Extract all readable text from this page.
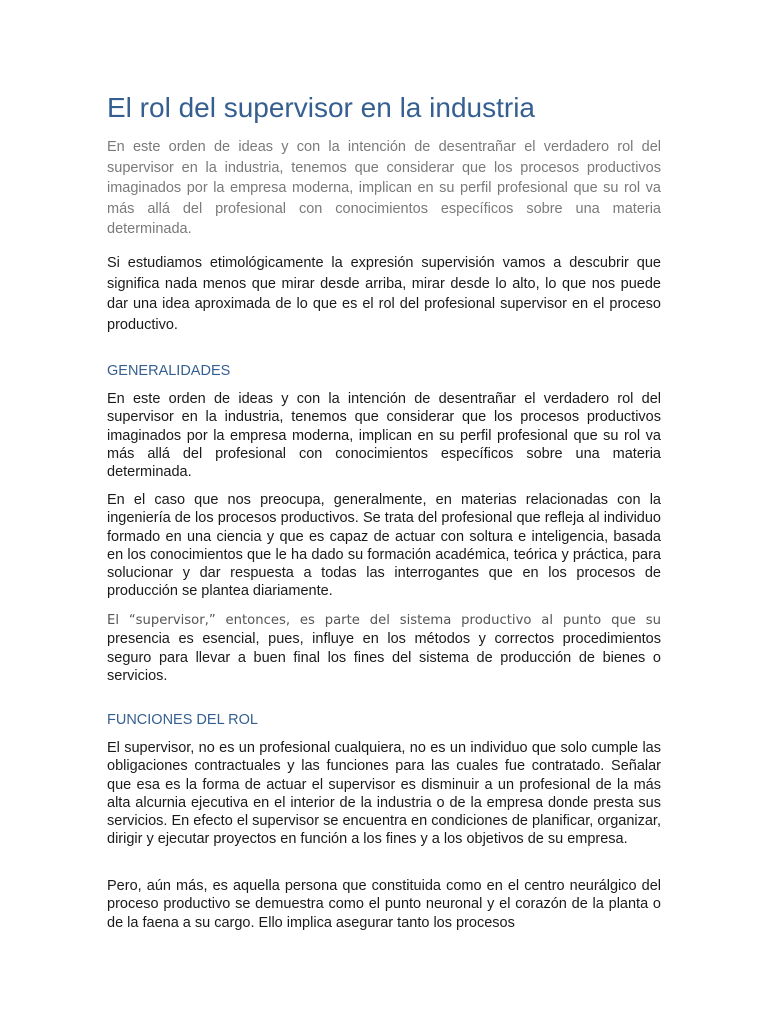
El rol del supervisor en la industria

En este orden de ideas y con la intención de desentrañar el verdadero rol del supervisor en la industria, tenemos que considerar que los procesos productivos imaginados por la empresa moderna, implican en su perfil profesional que su rol va más allá del profesional con conocimientos específicos sobre una materia determinada.

Si estudiamos etimológicamente la expresión supervisión vamos a descubrir que significa nada menos que mirar desde arriba, mirar desde lo alto, lo que nos puede dar una idea aproximada de lo que es el rol del profesional supervisor en el proceso productivo.

GENERALIDADES

En este orden de ideas y con la intención de desentrañar el verdadero rol del supervisor en la industria, tenemos que considerar que los procesos productivos imaginados por la empresa moderna, implican en su perfil profesional que su rol va más allá del profesional con conocimientos específicos sobre una materia determinada.

En el caso que nos preocupa, generalmente, en materias relacionadas con la ingeniería de los procesos productivos. Se trata del profesional que refleja al individuo formado en una ciencia y que es capaz de actuar con soltura e inteligencia, basada en los conocimientos que le ha dado su formación académica, teórica y práctica, para solucionar y dar respuesta a todas las interrogantes que en los procesos de producción se plantea diariamente.

El “supervisor,” entonces, es parte del sistema productivo al punto que su presencia es esencial, pues, influye en los métodos y correctos procedimientos seguro para llevar a buen final los fines del sistema de producción de bienes o servicios.

FUNCIONES DEL ROL

El supervisor, no es un profesional cualquiera, no es un individuo que solo cumple las obligaciones contractuales y las funciones para las cuales fue contratado. Señalar que esa es la forma de actuar el supervisor es disminuir a un profesional de la más alta alcurnia ejecutiva en el interior de la industria o de la empresa donde presta sus servicios. En efecto el supervisor se encuentra en condiciones de planificar, organizar, dirigir y ejecutar proyectos en función a los fines y a los objetivos de su empresa.

Pero, aún más, es aquella persona que constituida como en el centro neurálgico del proceso productivo se demuestra como el punto neuronal y el corazón de la planta o de la faena a su cargo. Ello implica asegurar tanto los procesos
